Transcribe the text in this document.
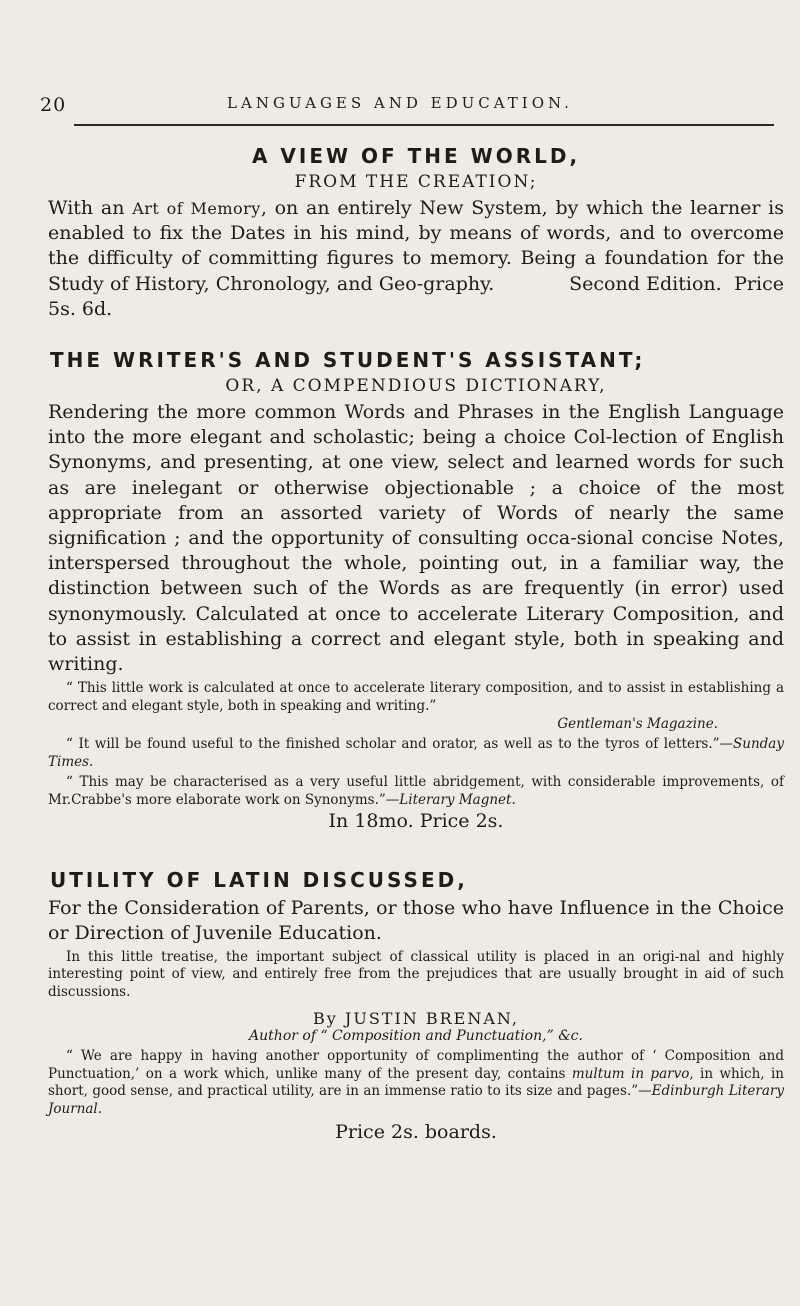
20	LANGUAGES AND EDUCATION.
A VIEW OF THE WORLD,
FROM THE CREATION;

With an Art of Memory, on an entirely New System, by which the learner is enabled to fix the Dates in his mind, by means of words, and to overcome the difficulty of committing figures to memory. Being a foundation for the Study of History, Chronology, and Geo-graphy.	Second Edition. Price 5s. 6d.

THE WRITER'S AND STUDENT'S ASSISTANT;
OR, A COMPENDIOUS DICTIONARY,

Rendering the more common Words and Phrases in the English Language into the more elegant and scholastic; being a choice Col-lection of English Synonyms, and presenting, at one view, select and learned words for such as are inelegant or otherwise objectionable ; a choice of the most appropriate from an assorted variety of Words of nearly the same signification ; and the opportunity of consulting occa-sional concise Notes, interspersed throughout the whole, pointing out, in a familiar way, the distinction between such of the Words as are frequently (in error) used synonymously. Calculated at once to accelerate Literary Composition, and to assist in establishing a correct and elegant style, both in speaking and writing.

“ This little work is calculated at once to accelerate literary composition, and to assist in establishing a correct and elegant style, both in speaking and writing.”

Gentleman's Magazine.

“ It will be found useful to the finished scholar and orator, as well as to the tyros of letters.”—Sunday Times.

“ This may be characterised as a very useful little abridgement, with considerable improvements, of Mr.Crabbe's more elaborate work on Synonyms.”—Literary Magnet.

In 18mo. Price 2s.

UTILITY OF LATIN DISCUSSED,

For the Consideration of Parents, or those who have Influence in the Choice or Direction of Juvenile Education.

In this little treatise, the important subject of classical utility is placed in an origi-nal and highly interesting point of view, and entirely free from the prejudices that are usually brought in aid of such discussions.

By JUSTIN BRENAN,

Author of “ Composition and Punctuation,” &c.

“ We are happy in having another opportunity of complimenting the author of ‘ Composition and Punctuation,’ on a work which, unlike many of the present day, contains multum in parvo, in which, in short, good sense, and practical utility, are in an immense ratio to its size and pages.”—Edinburgh Literary Journal.

Price 2s. boards.
